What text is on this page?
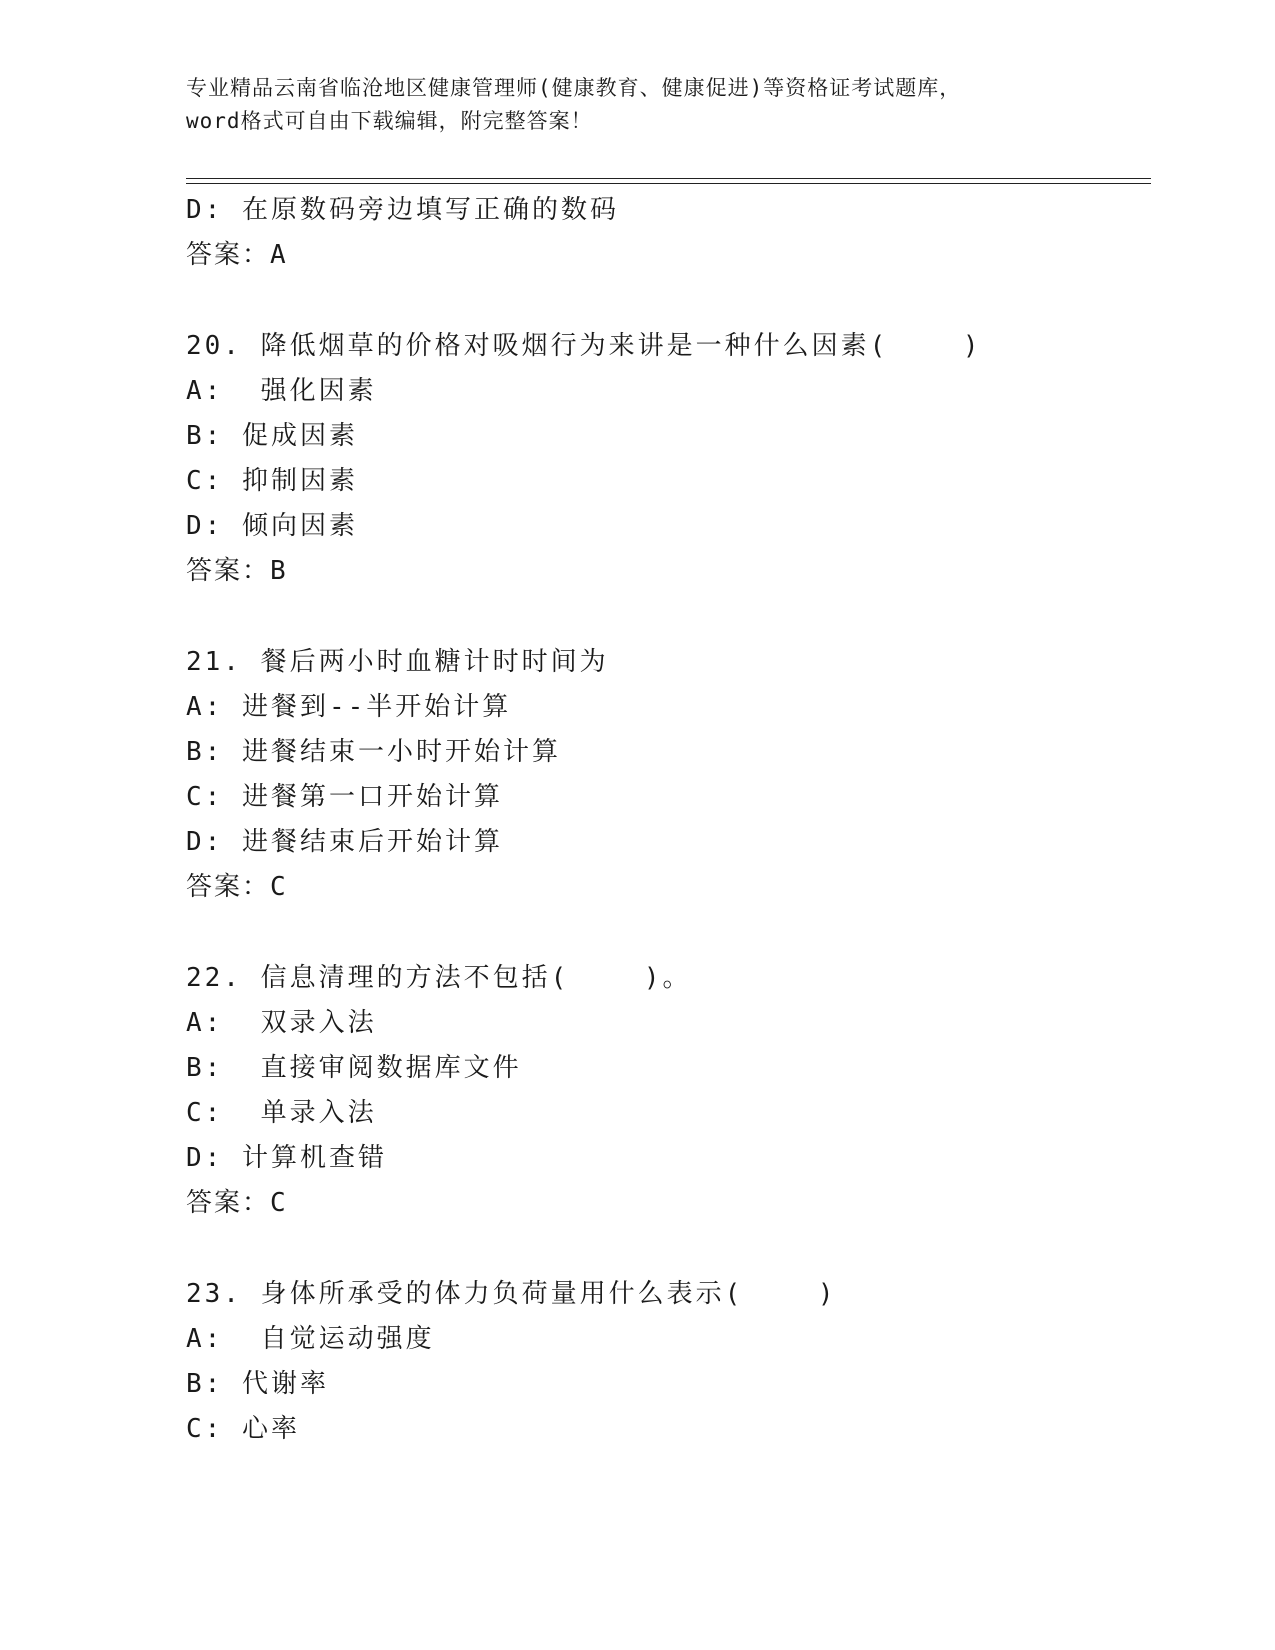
专业精品云南省临沧地区健康管理师(健康教育、健康促进)等资格证考试题库，
word格式可自由下载编辑，附完整答案！
D: 在原数码旁边填写正确的数码
答案：A
20. 降低烟草的价格对吸烟行为来讲是一种什么因素(    )
A:  强化因素
B: 促成因素
C: 抑制因素
D: 倾向因素
答案：B
21. 餐后两小时血糖计时时间为
A: 进餐到--半开始计算
B: 进餐结束一小时开始计算
C: 进餐第一口开始计算
D: 进餐结束后开始计算
答案：C
22. 信息清理的方法不包括(    )。
A:  双录入法
B:  直接审阅数据库文件
C:  单录入法
D: 计算机查错
答案：C
23. 身体所承受的体力负荷量用什么表示(    )
A:  自觉运动强度
B: 代谢率
C: 心率
